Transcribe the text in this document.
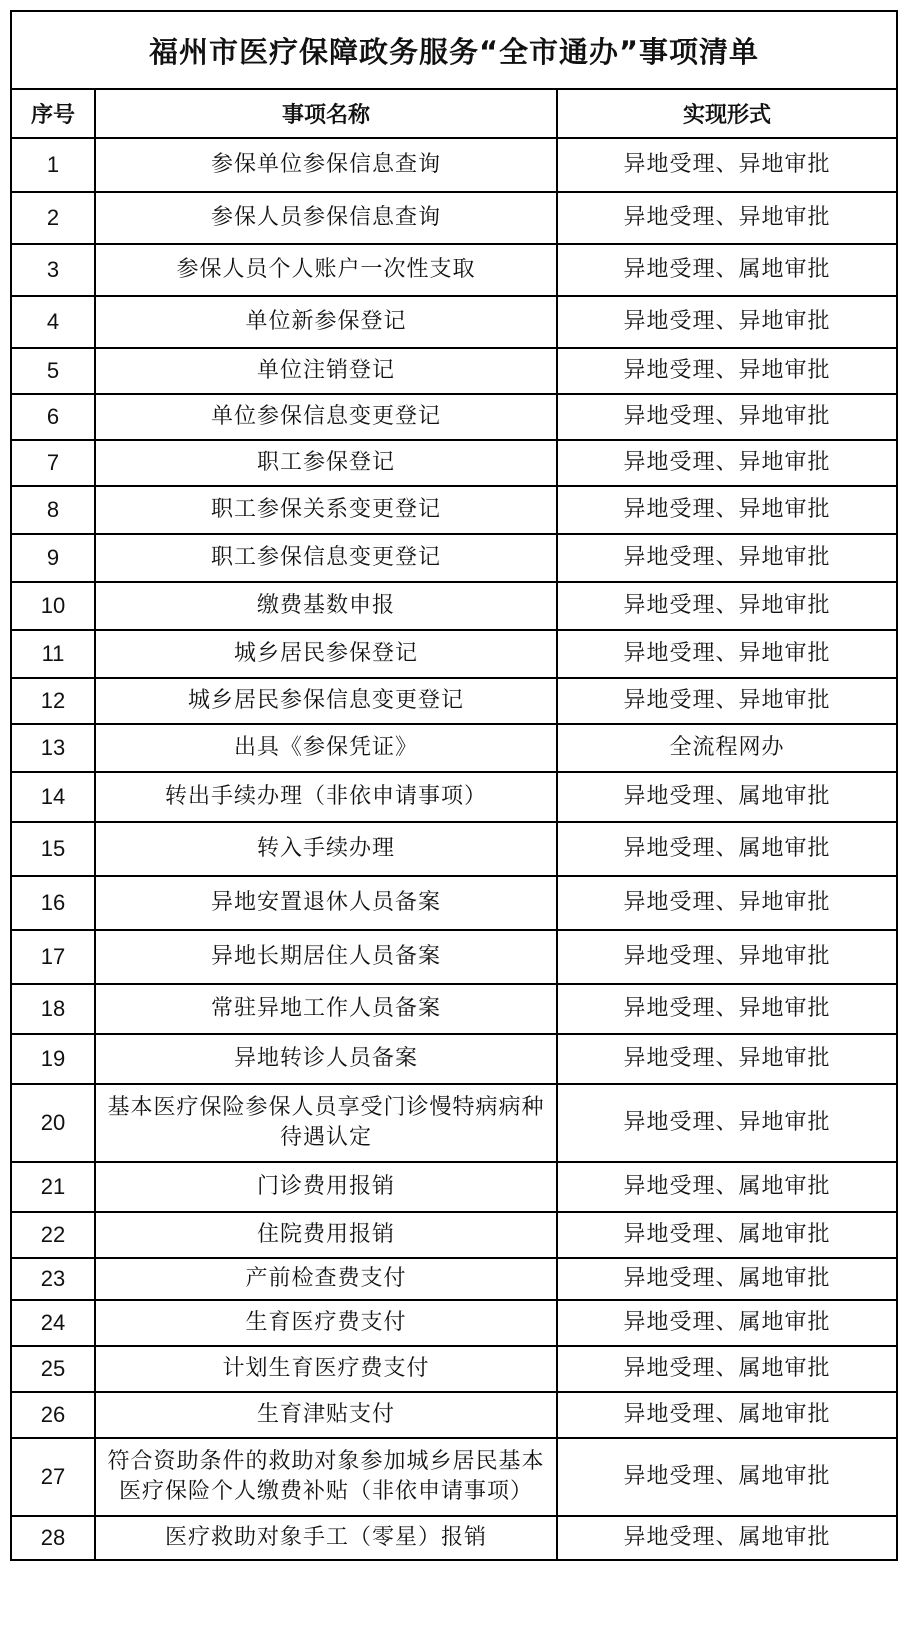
福州市医疗保障政务服务“全市通办”事项清单		
序号	事项名称	实现形式
1	参保单位参保信息查询	异地受理、异地审批
2	参保人员参保信息查询	异地受理、异地审批
3	参保人员个人账户一次性支取	异地受理、属地审批
4	单位新参保登记	异地受理、异地审批
5	单位注销登记	异地受理、异地审批
6	单位参保信息变更登记	异地受理、异地审批
7	职工参保登记	异地受理、异地审批
8	职工参保关系变更登记	异地受理、异地审批
9	职工参保信息变更登记	异地受理、异地审批
10	缴费基数申报	异地受理、异地审批
11	城乡居民参保登记	异地受理、异地审批
12	城乡居民参保信息变更登记	异地受理、异地审批
13	出具《参保凭证》	全流程网办
14	转出手续办理（非依申请事项）	异地受理、属地审批
15	转入手续办理	异地受理、属地审批
16	异地安置退休人员备案	异地受理、异地审批
17	异地长期居住人员备案	异地受理、异地审批
18	常驻异地工作人员备案	异地受理、异地审批
19	异地转诊人员备案	异地受理、异地审批
20	基本医疗保险参保人员享受门诊慢特病病种待遇认定	异地受理、异地审批
21	门诊费用报销	异地受理、属地审批
22	住院费用报销	异地受理、属地审批
23	产前检查费支付	异地受理、属地审批
24	生育医疗费支付	异地受理、属地审批
25	计划生育医疗费支付	异地受理、属地审批
26	生育津贴支付	异地受理、属地审批
27	符合资助条件的救助对象参加城乡居民基本医疗保险个人缴费补贴（非依申请事项）	异地受理、属地审批
28	医疗救助对象手工（零星）报销	异地受理、属地审批
